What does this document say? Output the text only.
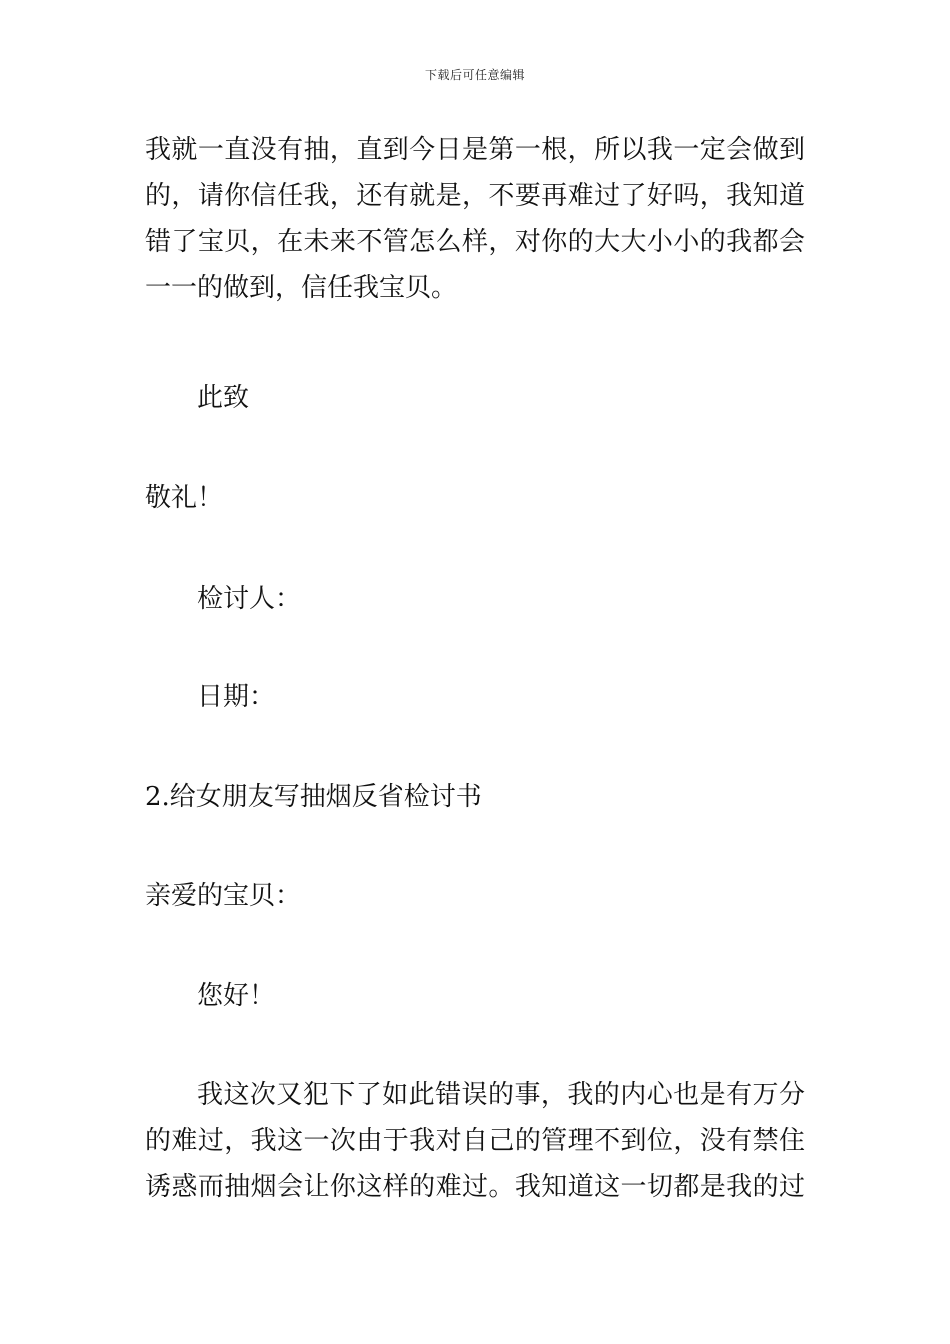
下载后可任意编辑
我就一直没有抽，直到今日是第一根，所以我一定会做到
的，请你信任我，还有就是，不要再难过了好吗，我知道
错了宝贝，在未来不管怎么样，对你的大大小小的我都会
一一的做到，信任我宝贝。
此致
敬礼！
检讨人：
日期：
2.给女朋友写抽烟反省检讨书
亲爱的宝贝：
您好！
我这次又犯下了如此错误的事，我的内心也是有万分
的难过，我这一次由于我对自己的管理不到位，没有禁住
诱惑而抽烟会让你这样的难过。我知道这一切都是我的过
